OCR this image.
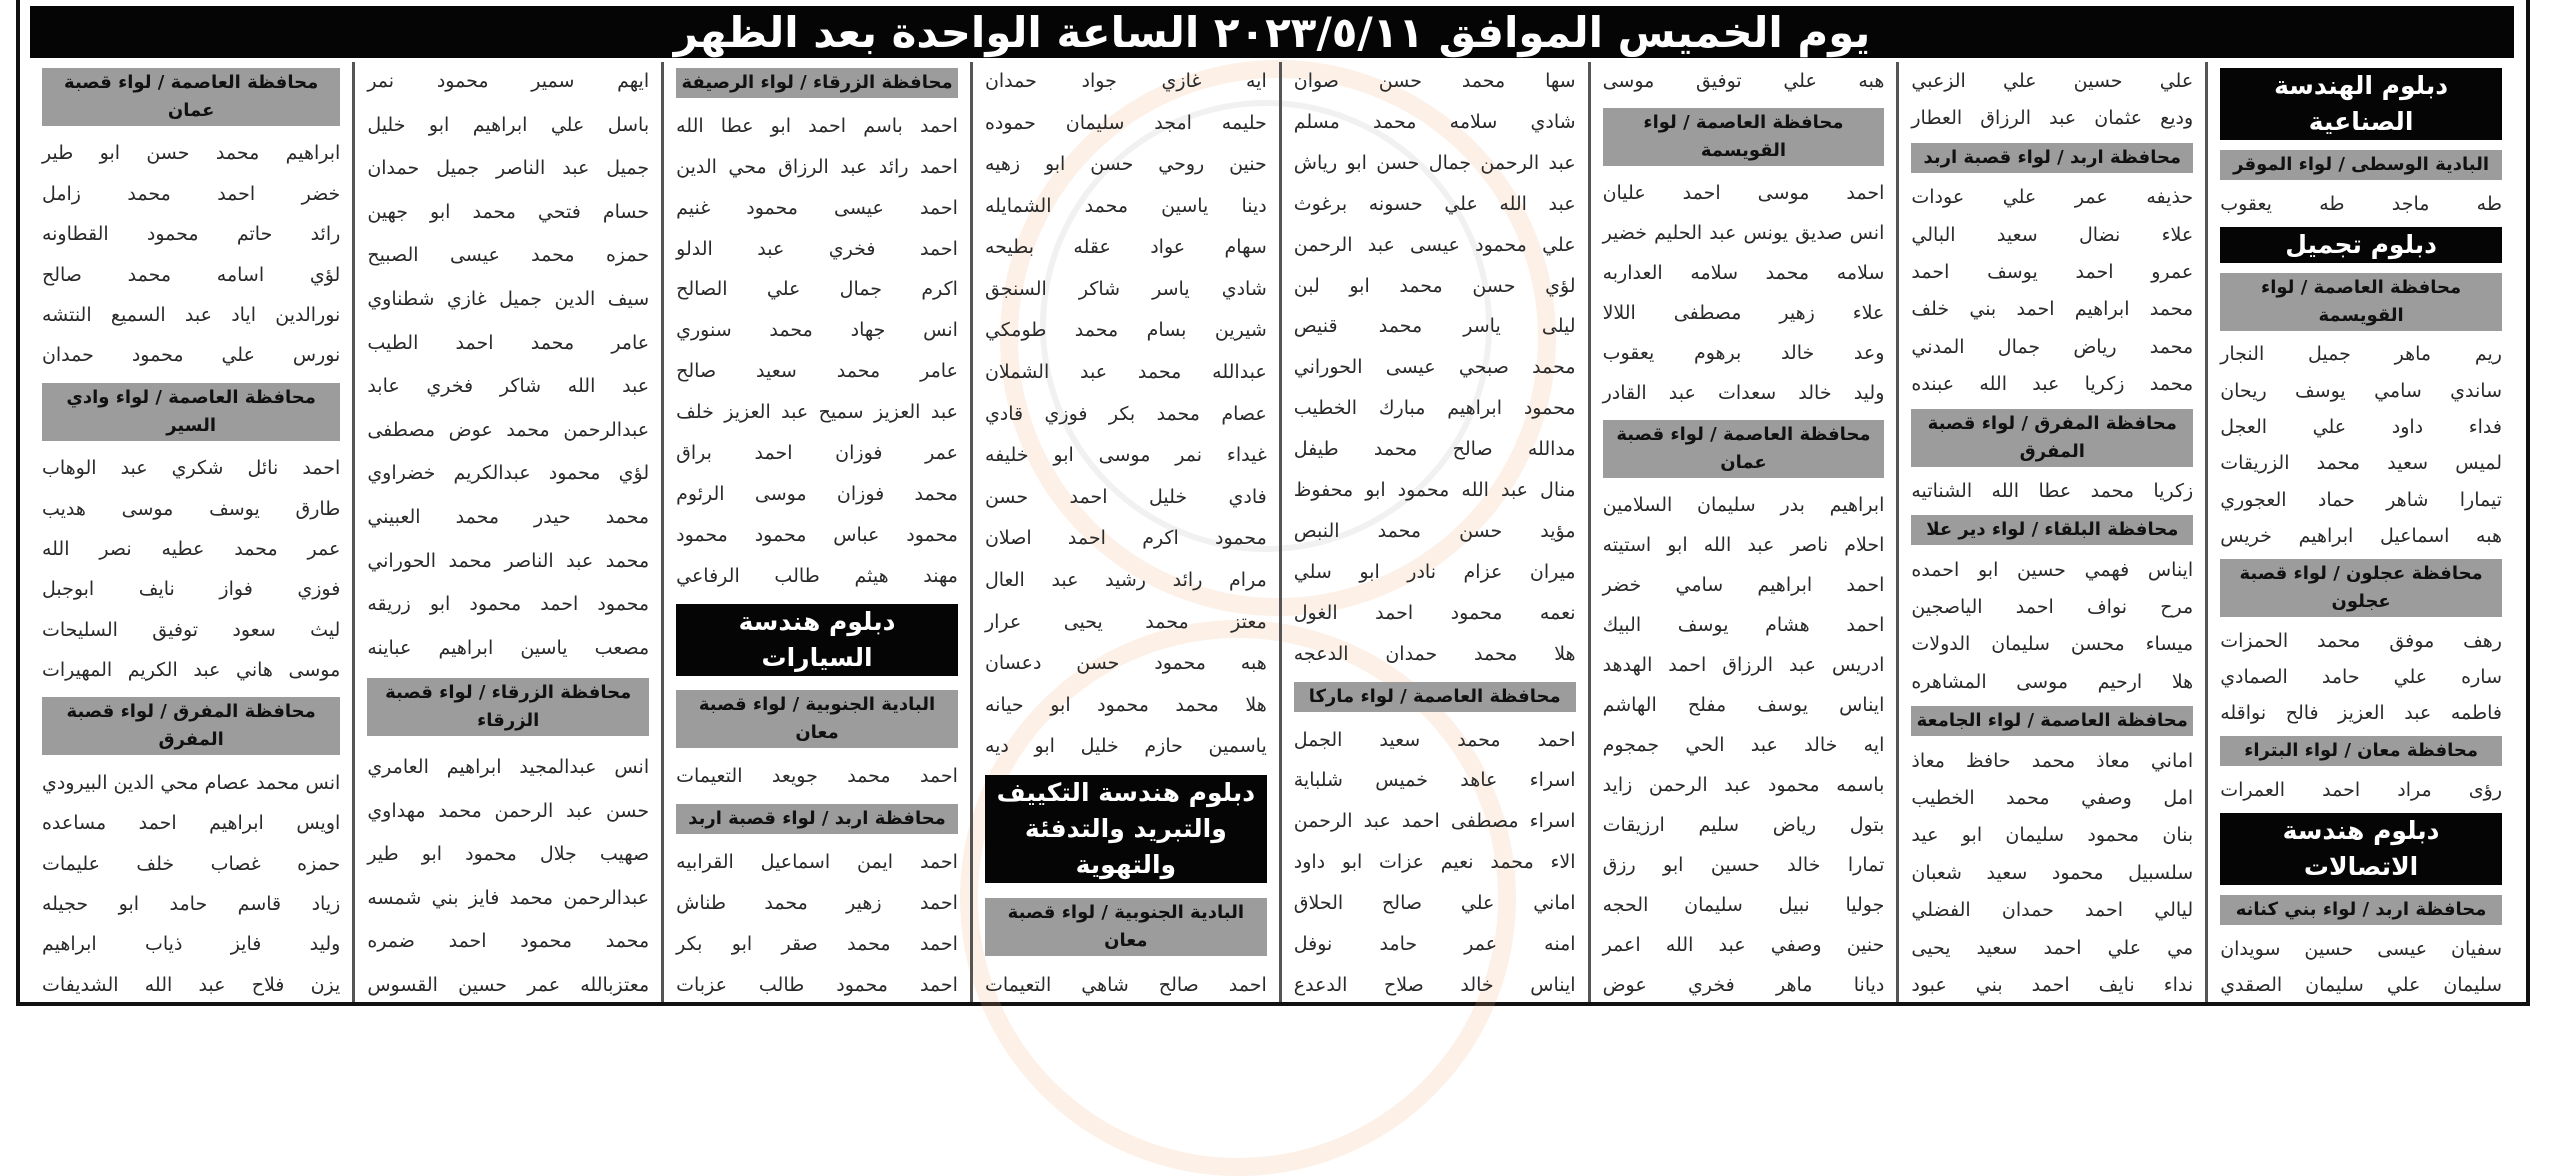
يوم الخميس الموافق ٢٠٢٣/٥/١١ الساعة الواحدة بعد الظهر
دبلوم الهندسة الصناعية
البادية الوسطى / لواء الموقر
طه ماجد طه يعقوب
دبلوم تجميل
محافظة العاصمة / لواء القويسمة
ريم ماهر جميل النجار
ساندي سامي يوسف ريحان
فداء داود علي العجل
لميس سعيد محمد الزريقات
تيمارا شاهر حماد العجوري
هبه اسماعيل ابراهيم خريس
محافظة عجلون / لواء قصبة عجلون
رهف موفق محمد الحمزات
ساره علي حامد الصمادي
فاطمه عبد العزيز فالح نواقله
محافظة معان / لواء البتراء
رؤى مراد احمد العمرات
دبلوم هندسة الاتصالات
محافظة اربد / لواء بني كنانه
سفيان عيسى حسين سويدان
سليمان علي سليمان الصقدي
علي حسين علي الزعبي
وديع عثمان عبد الرزاق العطار
محافظة اربد / لواء قصبة اربد
حذيفه عمر علي عودات
علاء نضال سعيد البالي
عمرو احمد يوسف احمد
محمد ابراهيم احمد بني خلف
محمد رياض جمال المدني
محمد زكريا عبد الله عبنده
محافظة المفرق / لواء قصبة المفرق
زكريا محمد عطا الله الشناتيه
محافظة البلقاء / لواء دير علا
ايناس فهمي حسين ابو احمده
مرح نواف احمد الياصجين
ميساء محسن سليمان الدولات
هلا ارحيم موسى المشاهره
محافظة العاصمة / لواء الجامعة
اماني معاذ محمد حافظ معاذ
امل وصفي محمد الخطيب
بنان محمود سليمان ابو عيد
سلسبيل محمود سعيد شعبان
ليالي احمد حمدان الفضلي
مي علي احمد سعيد يحيى
نداء نايف احمد بني عبود
هبه علي توفيق موسى
محافظة العاصمة / لواء القويسمة
احمد موسى احمد عليان
انس صديق يونس عبد الحليم خضير
سلامه محمد سلامه العداربه
علاء زهير مصطفى اللالا
وعد خالد برهوم يعقوب
وليد خالد سعدات عبد القادر
محافظة العاصمة / لواء قصبة عمان
ابراهيم بدر سليمان السلامين
احلام ناصر عبد الله ابو استيته
احمد ابراهيم سامي خضر
احمد هشام يوسف البيك
ادريس عبد الرزاق احمد الهدهد
ايناس يوسف مفلح الهاشم
ايه خالد عبد الحي جمجوم
باسمه محمود عبد الرحمن زايد
بتول رياض سليم ارزيقات
تمارا خالد حسين ابو رزق
جوليا نبيل سليمان الحجه
حنين وصفي عبد الله اعمر
ديانا ماهر فخري عوض
سها محمد حسن صوان
شادي سلامه محمد مسلم
عبد الرحمن جمال حسن ابو رياش
عبد الله علي حسونه برغوث
علي محمود عيسى عبد الرحمن
لؤي حسن محمد ابو لبن
ليلى ياسر محمد قنيص
محمد صبحي عيسى الحوراني
محمود ابراهيم مبارك الخطيب
مدالله صالح محمد طيفل
منال عبد الله محمود ابو محفوظ
مؤيد حسن محمد النبص
ميران عزام نادر ابو سلي
نعمه محمود احمد الغول
هلا محمد حمدان الدعجه
محافظة العاصمة / لواء ماركا
احمد محمد سعيد الجمل
اسراء عاهد خميس شلباية
اسراء مصطفى احمد عبد الرحمن
الاء محمد نعيم عزات ابو داود
اماني علي صالح الحلاق
امنه عمر حامد نوفل
ايناس خالد صلاح الدعدع
ايه غازي جواد حمدان
حليمه امجد سليمان حموده
حنين روحي حسن ابو زهيه
دينا ياسين محمد الشمايله
سهام عواد عقله بطيحه
شادي ياسر شاكر السنجق
شيرين بسام محمد طومكي
عبدالله محمد عبد الشملان
عصام محمد بكر فوزي قادي
غيداء نمر موسى ابو خليفه
فادي خليل احمد حسن
محمود اكرم احمد اصلان
مرام رائد رشيد عبد العال
معتز محمد يحيى عرار
هبه محمود حسن دعسان
هلا محمد محمود ابو حيانه
ياسمين حازم خليل ابو ديه
دبلوم هندسة التكييف والتبريد والتدفئة والتهوية
البادية الجنوبية / لواء قصبة معان
احمد صالح شاهي التعيمات
محافظة الزرقاء / لواء الرصيفة
احمد باسم احمد ابو عطا الله
احمد رائد عبد الرزاق محي الدين
احمد عيسى محمود غنيم
احمد فخري عبد الدلو
اكرم جمال علي الصالح
انس جهاد محمد سنوري
عامر محمد سعيد صالح
عبد العزيز سميح عبد العزيز خلف
عمر فوزان احمد براق
محمد فوزان موسى الرئوم
محمود عباس محمود محمود
مهند هيثم طالب الرفاعي
دبلوم هندسة السيارات
البادية الجنوبية / لواء قصبة معان
احمد محمد جويعد التعيمات
محافظة اربد / لواء قصبة اربد
احمد ايمن اسماعيل القرابيه
احمد زهير محمد طناش
احمد محمد صقر ابو بكر
احمد محمود طالب عزبات
ايهم سمير محمود نمر
باسل علي ابراهيم ابو خليل
جميل عبد الناصر جميل حمدان
حسام فتحي محمد ابو جهين
حمزه محمد عيسى الصبيح
سيف الدين جميل غازي شطناوي
عامر محمد احمد الطيب
عبد الله شاكر فخري عابد
عبدالرحمن محمد عوض مصطفى
لؤي محمود عبدالكريم خضراوي
محمد حيدر محمد العبيني
محمد عبد الناصر محمد الحوراني
محمود احمد محمود ابو زريقه
مصعب ياسين ابراهيم عباينه
محافظة الزرقاء / لواء قصبة الزرقاء
انس عبدالمجيد ابراهيم العامري
حسن عبد الرحمن محمد مهداوي
صهيب جلال محمود ابو طير
عبدالرحمن محمد فايز بني شمسه
محمد محمود احمد ضمره
معتزبالله عمر حسين القسوس
محافظة العاصمة / لواء قصبة عمان
ابراهيم محمد حسن ابو طير
خضر احمد محمد زامل
رائد حاتم محمود القطاونه
لؤي اسامه محمد صالح
نورالدين اياد عبد السميع النتشه
نورس علي محمود حمدان
محافظة العاصمة / لواء وادي السير
احمد نائل شكري عبد الوهاب
طارق يوسف موسى هديب
عمر محمد عطيه نصر الله
فوزي فواز نايف ابوجبل
ليث سعود توفيق السليحات
موسى هاني عبد الكريم المهيرات
محافظة المفرق / لواء قصبة المفرق
انس محمد عصام محي الدين البيرودي
اويس ابراهيم احمد مساعده
حمزه غصاب خلف عليمات
زياد قاسم حامد ابو حجيله
وليد فايز ذياب ابراهيم
يزن فلاح عبد الله الشديفات
